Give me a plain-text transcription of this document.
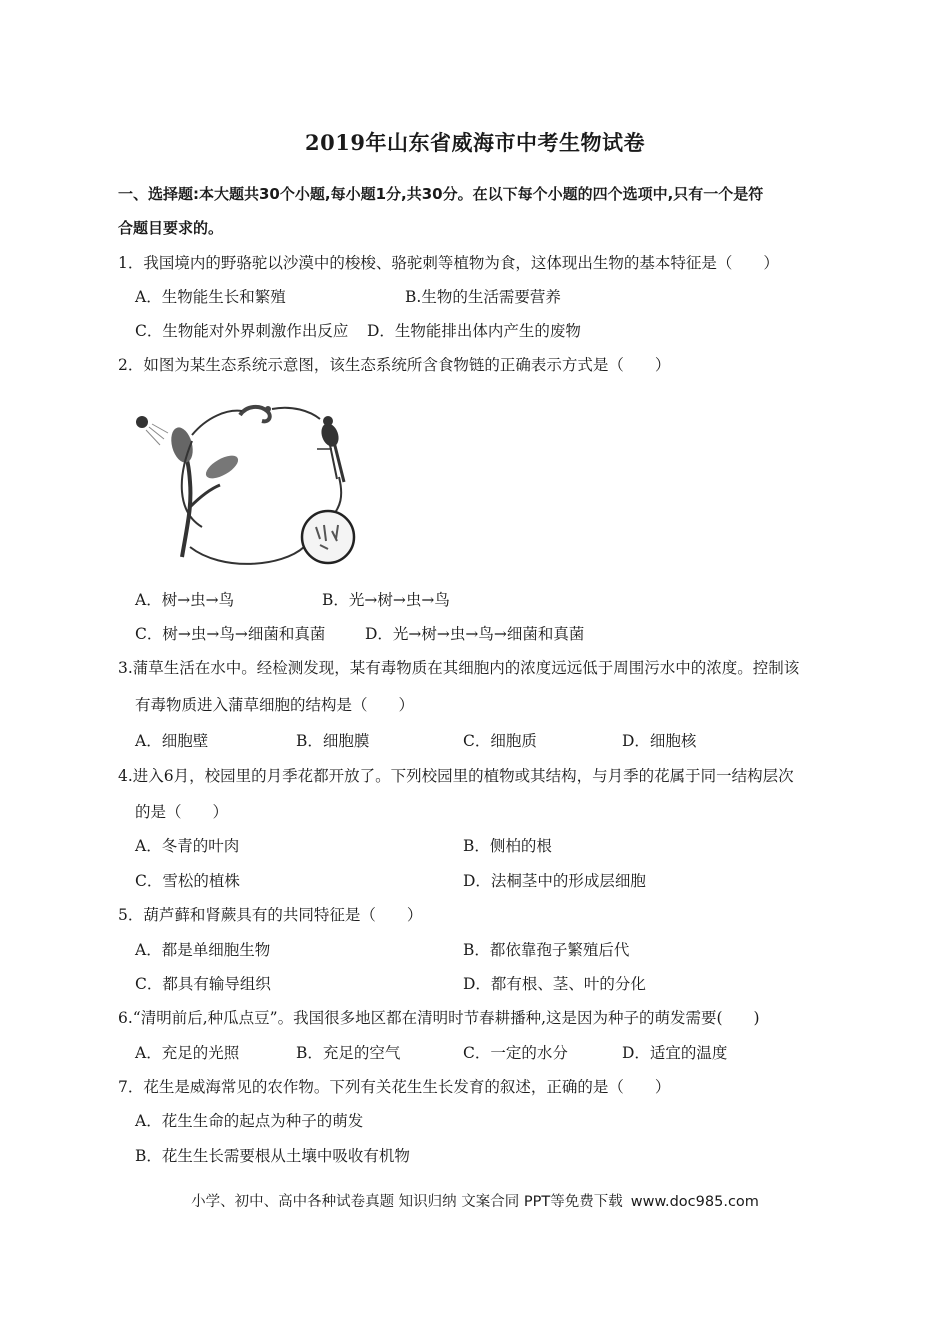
2019年山东省威海市中考生物试卷
一、选择题:本大题共30个小题,每小题1分,共30分。在以下每个小题的四个选项中,只有一个是符
合题目要求的。
1．我国境内的野骆驼以沙漠中的梭梭、骆驼刺等植物为食，这体现出生物的基本特征是（　　）
A．生物能生长和繁殖	B.生物的生活需要营养
C．生物能对外界刺激作出反应 D．生物能排出体内产生的废物
2．如图为某生态系统示意图，该生态系统所含食物链的正确表示方式是（　　）
A．树→虫→鸟	B．光→树→虫→鸟
C．树→虫→鸟→细菌和真菌	D．光→树→虫→鸟→细菌和真菌
3.蒲草生活在水中。经检测发现，某有毒物质在其细胞内的浓度远远低于周围污水中的浓度。控制该
有毒物质进入蒲草细胞的结构是（　　）
A．细胞壁	B．细胞膜	C．细胞质	D．细胞核
4.进入6月，校园里的月季花都开放了。下列校园里的植物或其结构，与月季的花属于同一结构层次
的是（　　）
A．冬青的叶肉	B．侧柏的根
C．雪松的植株	D．法桐茎中的形成层细胞
5．葫芦藓和肾蕨具有的共同特征是（　　）
A．都是单细胞生物	B．都依靠孢子繁殖后代
C．都具有输导组织	D．都有根、茎、叶的分化
6.“清明前后,种瓜点豆”。我国很多地区都在清明时节春耕播种,这是因为种子的萌发需要(　　)
A．充足的光照	B．充足的空气	C．一定的水分	D．适宜的温度
7．花生是威海常见的农作物。下列有关花生生长发育的叙述，正确的是（　　）
A．花生生命的起点为种子的萌发
B．花生生长需要根从土壤中吸收有机物
小学、初中、高中各种试卷真题 知识归纳 文案合同 PPT等免费下载 www.doc985.com
